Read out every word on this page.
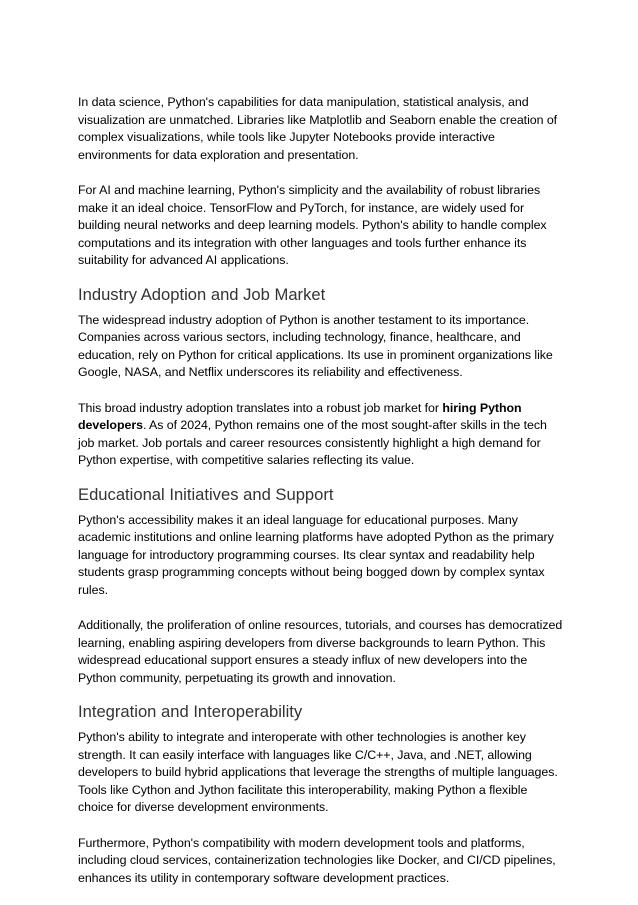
In data science, Python's capabilities for data manipulation, statistical analysis, and visualization are unmatched. Libraries like Matplotlib and Seaborn enable the creation of complex visualizations, while tools like Jupyter Notebooks provide interactive environments for data exploration and presentation.

For AI and machine learning, Python's simplicity and the availability of robust libraries make it an ideal choice. TensorFlow and PyTorch, for instance, are widely used for building neural networks and deep learning models. Python's ability to handle complex computations and its integration with other languages and tools further enhance its suitability for advanced AI applications.

Industry Adoption and Job Market

The widespread industry adoption of Python is another testament to its importance. Companies across various sectors, including technology, finance, healthcare, and education, rely on Python for critical applications. Its use in prominent organizations like Google, NASA, and Netflix underscores its reliability and effectiveness.

This broad industry adoption translates into a robust job market for hiring Python developers. As of 2024, Python remains one of the most sought-after skills in the tech job market. Job portals and career resources consistently highlight a high demand for Python expertise, with competitive salaries reflecting its value.

Educational Initiatives and Support

Python's accessibility makes it an ideal language for educational purposes. Many academic institutions and online learning platforms have adopted Python as the primary language for introductory programming courses. Its clear syntax and readability help students grasp programming concepts without being bogged down by complex syntax rules.

Additionally, the proliferation of online resources, tutorials, and courses has democratized learning, enabling aspiring developers from diverse backgrounds to learn Python. This widespread educational support ensures a steady influx of new developers into the Python community, perpetuating its growth and innovation.

Integration and Interoperability

Python's ability to integrate and interoperate with other technologies is another key strength. It can easily interface with languages like C/C++, Java, and .NET, allowing developers to build hybrid applications that leverage the strengths of multiple languages. Tools like Cython and Jython facilitate this interoperability, making Python a flexible choice for diverse development environments.

Furthermore, Python's compatibility with modern development tools and platforms, including cloud services, containerization technologies like Docker, and CI/CD pipelines, enhances its utility in contemporary software development practices.
